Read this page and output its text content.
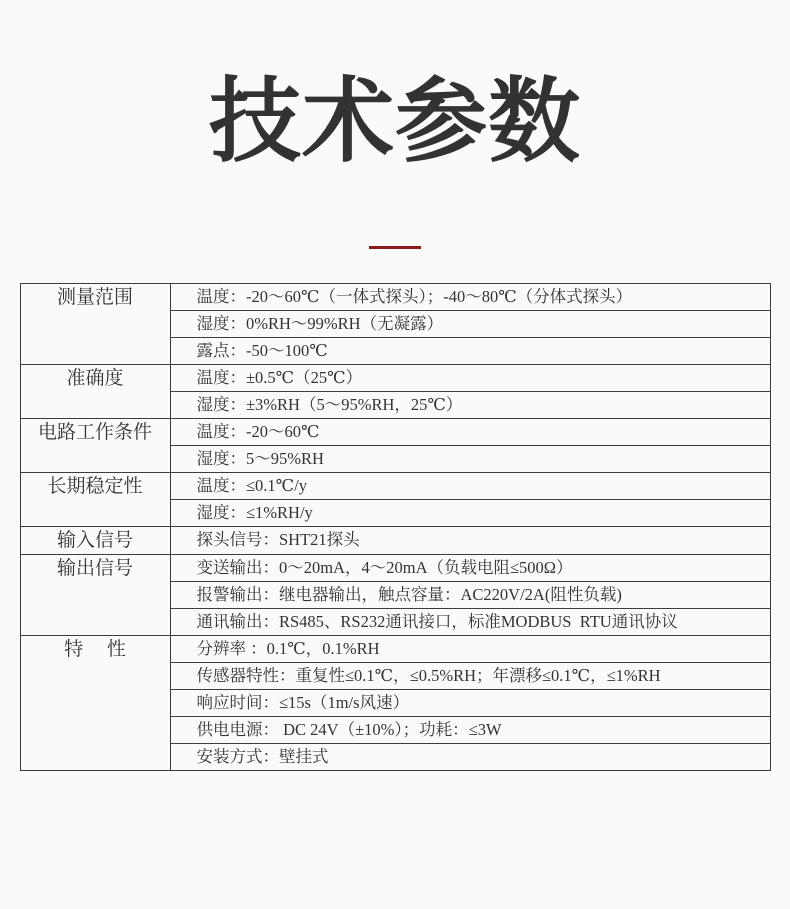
技术参数
测量范围	温度：-20～60℃（一体式探头）；-40～80℃（分体式探头）
	湿度：0%RH～99%RH（无凝露）
	露点：-50～100℃
准确度	温度：±0.5℃（25℃）
	湿度：±3%RH（5～95%RH，25℃）
电路工作条件	温度：-20～60℃
	湿度：5～95%RH
长期稳定性	温度：≤0.1℃/y
	湿度：≤1%RH/y
输入信号	探头信号：SHT21探头
输出信号	变送输出：0～20mA，4～20mA（负载电阻≤500Ω）
	报警输出：继电器输出，触点容量：AC220V/2A(阻性负载)
	通讯输出：RS485、RS232通讯接口，标准MODBUS  RTU通讯协议
特　 性	分辨率 ：0.1℃，0.1%RH
	传感器特性：重复性≤0.1℃，≤0.5%RH；年漂移≤0.1℃，≤1%RH
	响应时间：≤15s（1m/s风速）
	供电电源： DC 24V（±10%）；功耗：≤3W
	安装方式：壁挂式
